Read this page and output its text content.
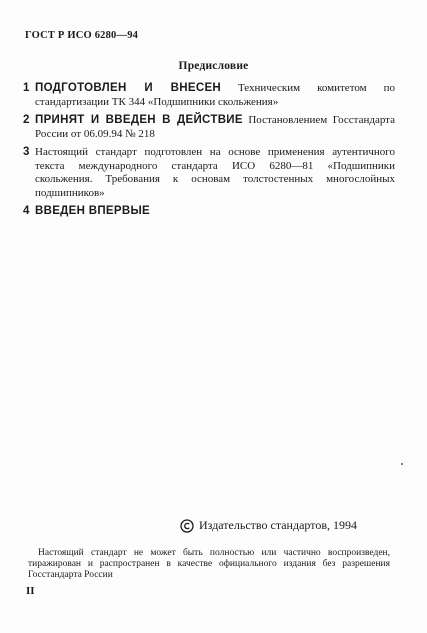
ГОСТ Р ИСО 6280—94
Предисловие
1 ПОДГОТОВЛЕН И ВНЕСЕН Техническим комитетом по стандартизации ТК 344 «Подшипники скольжения»
2 ПРИНЯТ И ВВЕДЕН В ДЕЙСТВИЕ Постановлением Госстандарта России от 06.09.94 № 218
3 Настоящий стандарт подготовлен на основе применения аутентичного текста международного стандарта ИСО 6280—81 «Подшипники скольжения. Требования к основам толстостенных многослойных подшипников»
4 ВВЕДЕН ВПЕРВЫЕ
Издательство стандартов, 1994
Настоящий стандарт не может быть полностью или частично воспроизведен, тиражирован и распространен в качестве официального издания без разрешения Госстандарта России
II
